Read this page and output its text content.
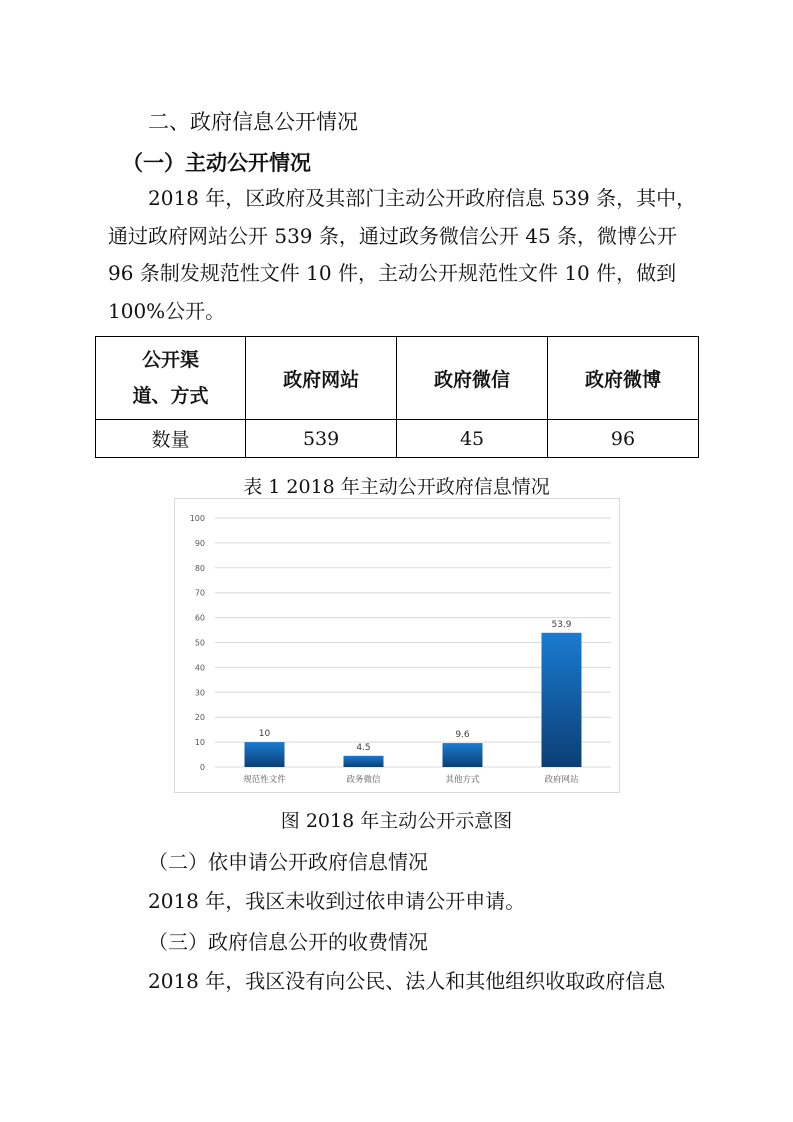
二、政府信息公开情况
（一）主动公开情况
2018 年，区政府及其部门主动公开政府信息 539 条，其中，
通过政府网站公开 539 条，通过政务微信公开 45 条，微博公开
96 条制发规范性文件 10 件，主动公开规范性文件 10 件，做到
100%公开。
公开渠
道、方式	政府网站	政府微信	政府微博
数量	539	45	96
表 1 2018 年主动公开政府信息情况
0
10
20
30
40
50
60
70
80
90
100
10
规范性文件
4.5
政务微信
9.6
其他方式
53.9
政府网站
图 2018 年主动公开示意图
（二）依申请公开政府信息情况
2018 年，我区未收到过依申请公开申请。
（三）政府信息公开的收费情况
2018 年，我区没有向公民、法人和其他组织收取政府信息
